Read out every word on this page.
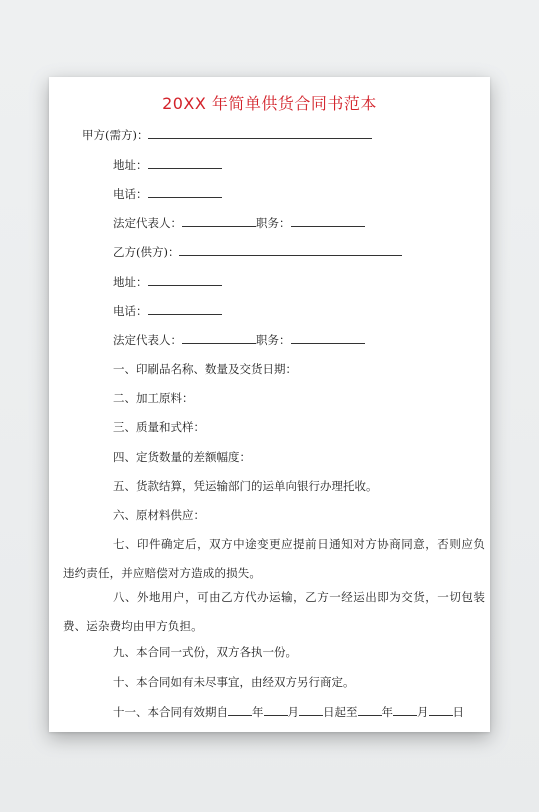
20XX 年简单供货合同书范本
甲方(需方)：
地址：
电话：
法定代表人：	职务：
乙方(供方)：
地址：
电话：
法定代表人：	职务：
一、印刷品名称、数量及交货日期：
二、加工原料：
三、质量和式样：
四、定货数量的差额幅度：
五、货款结算，凭运输部门的运单向银行办理托收。
六、原材料供应：
七、印件确定后，双方中途变更应提前日通知对方协商同意，否则应负违约责任，并应赔偿对方造成的损失。
八、外地用户，可由乙方代办运输，乙方一经运出即为交货，一切包装费、运杂费均由甲方负担。
九、本合同一式份，双方各执一份。
十、本合同如有未尽事宜，由经双方另行商定。
十一、本合同有效期自 年 月 日起至 年 月 日
